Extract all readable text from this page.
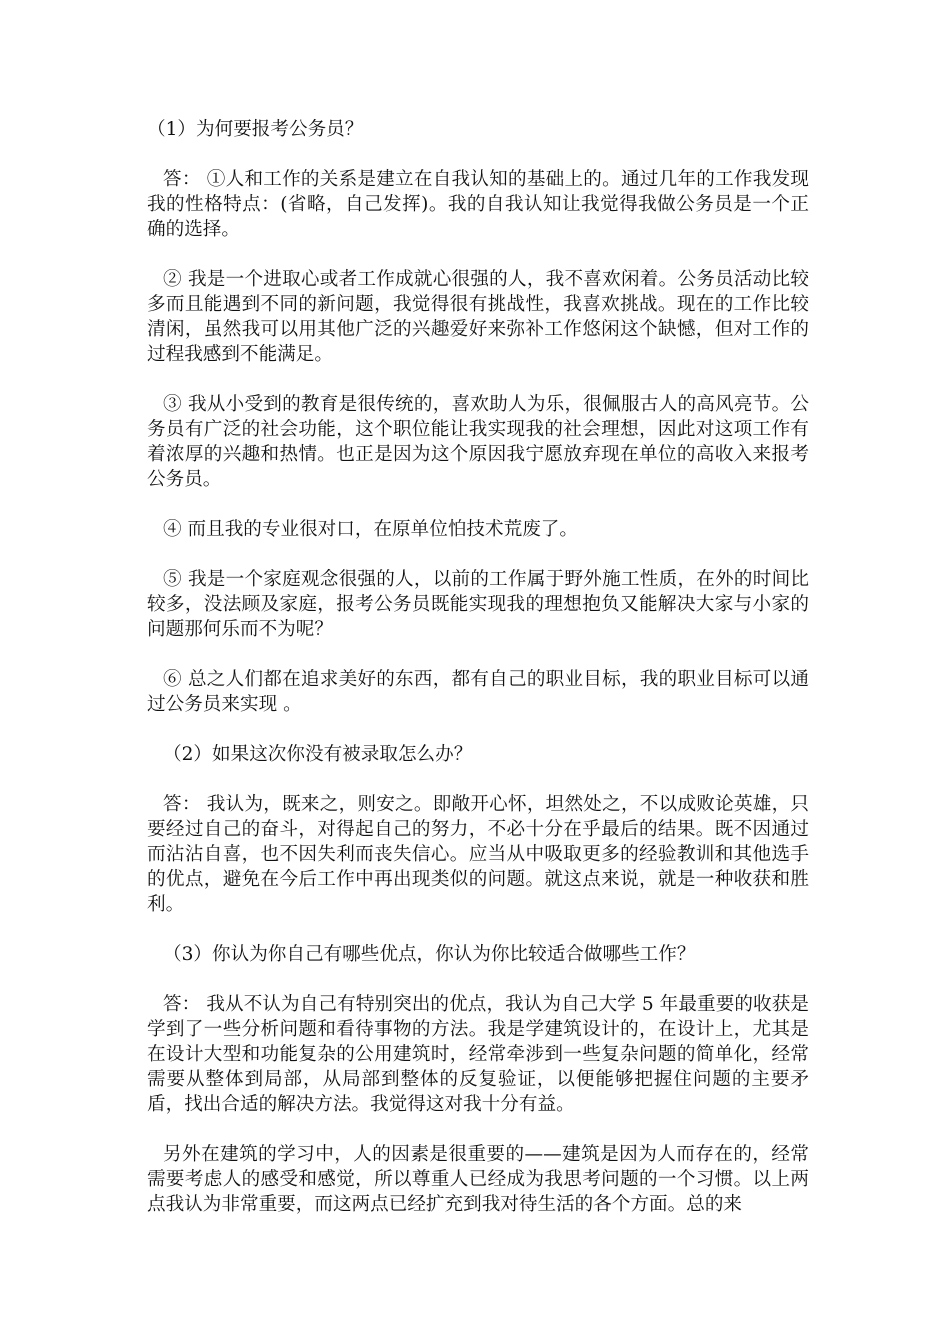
（1）为何要报考公务员？

答： ①人和工作的关系是建立在自我认知的基础上的。通过几年的工作我发现我的性格特点：(省略，自己发挥)。我的自我认知让我觉得我做公务员是一个正确的选择。

② 我是一个进取心或者工作成就心很强的人，我不喜欢闲着。公务员活动比较多而且能遇到不同的新问题，我觉得很有挑战性，我喜欢挑战。现在的工作比较清闲，虽然我可以用其他广泛的兴趣爱好来弥补工作悠闲这个缺憾，但对工作的过程我感到不能满足。

③ 我从小受到的教育是很传统的，喜欢助人为乐，很佩服古人的高风亮节。公务员有广泛的社会功能，这个职位能让我实现我的社会理想，因此对这项工作有着浓厚的兴趣和热情。也正是因为这个原因我宁愿放弃现在单位的高收入来报考公务员。

④ 而且我的专业很对口，在原单位怕技术荒废了。

⑤ 我是一个家庭观念很强的人，以前的工作属于野外施工性质，在外的时间比较多，没法顾及家庭，报考公务员既能实现我的理想抱负又能解决大家与小家的问题那何乐而不为呢？

⑥ 总之人们都在追求美好的东西，都有自己的职业目标，我的职业目标可以通过公务员来实现 。

（2）如果这次你没有被录取怎么办？

答： 我认为，既来之，则安之。即敞开心怀，坦然处之，不以成败论英雄，只要经过自己的奋斗，对得起自己的努力，不必十分在乎最后的结果。既不因通过而沾沾自喜，也不因失利而丧失信心。应当从中吸取更多的经验教训和其他选手的优点，避免在今后工作中再出现类似的问题。就这点来说，就是一种收获和胜利。

（3）你认为你自己有哪些优点，你认为你比较适合做哪些工作？

答： 我从不认为自己有特别突出的优点，我认为自己大学 5 年最重要的收获是学到了一些分析问题和看待事物的方法。我是学建筑设计的，在设计上，尤其是在设计大型和功能复杂的公用建筑时，经常牵涉到一些复杂问题的简单化，经常需要从整体到局部，从局部到整体的反复验证，以便能够把握住问题的主要矛盾，找出合适的解决方法。我觉得这对我十分有益。

另外在建筑的学习中，人的因素是很重要的——建筑是因为人而存在的，经常需要考虑人的感受和感觉，所以尊重人已经成为我思考问题的一个习惯。以上两点我认为非常重要，而这两点已经扩充到我对待生活的各个方面。总的来
